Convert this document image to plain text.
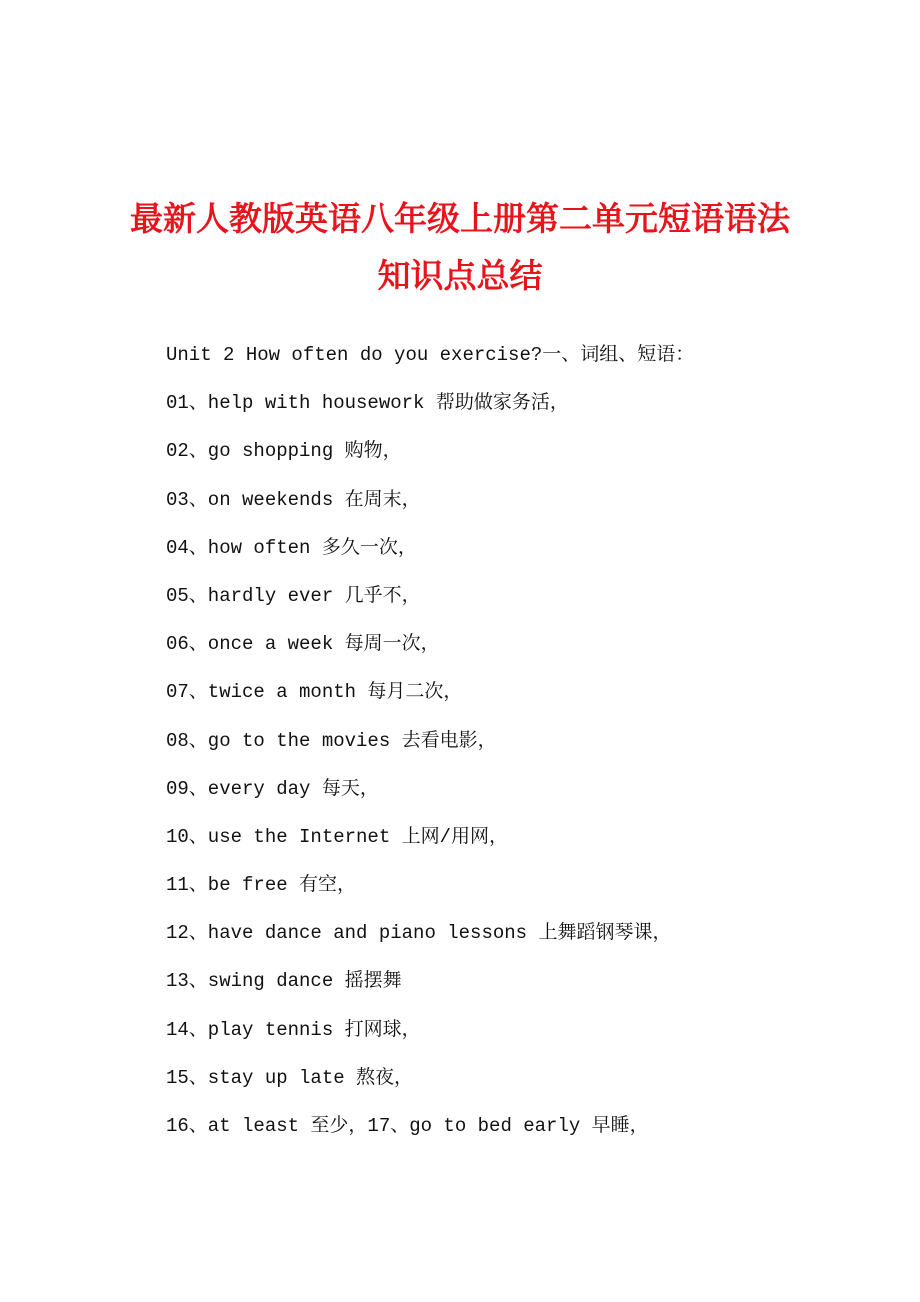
最新人教版英语八年级上册第二单元短语语法
知识点总结
Unit 2 How often do you exercise?一、词组、短语：
01、help with housework 帮助做家务活，
02、go shopping 购物，
03、on weekends 在周末，
04、how often 多久一次，
05、hardly ever 几乎不，
06、once a week 每周一次，
07、twice a month 每月二次，
08、go to the movies 去看电影，
09、every day 每天，
10、use the Internet 上网/用网，
11、be free 有空，
12、have dance and piano lessons 上舞蹈钢琴课，
13、swing dance 摇摆舞
14、play tennis 打网球，
15、stay up late 熬夜，
16、at least 至少，17、go to bed early 早睡，
